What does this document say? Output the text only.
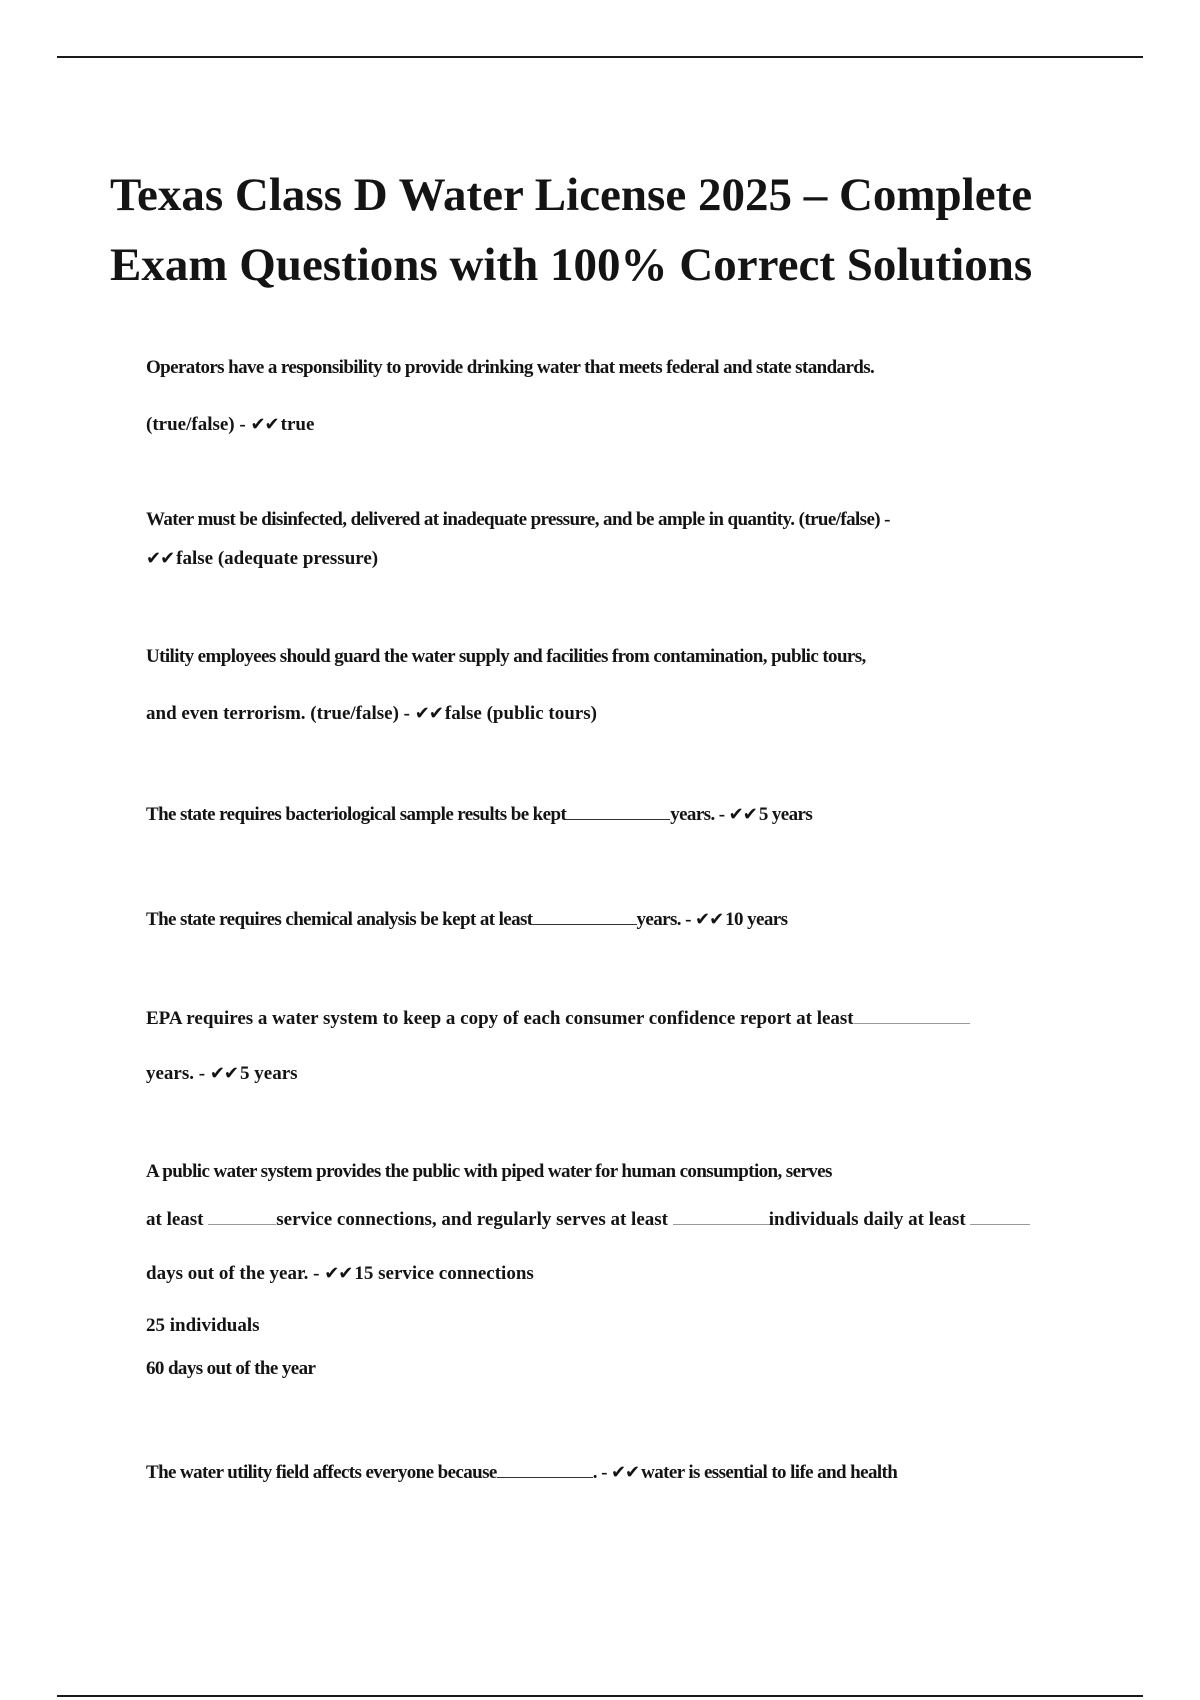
Texas Class D Water License 2025 – Complete
Exam Questions with 100% Correct Solutions

Operators have a responsibility to provide drinking water that meets federal and state standards.

(true/false) - ✔✔ true

Water must be disinfected, delivered at inadequate pressure, and be ample in quantity. (true/false) -

✔✔ false (adequate pressure)

Utility employees should guard the water supply and facilities from contamination, public tours,

and even terrorism. (true/false) - ✔✔ false (public tours)

The state requires bacteriological sample results be kept	years. - ✔✔ 5 years

The state requires chemical analysis be kept at least	years. - ✔✔ 10 years

EPA requires a water system to keep a copy of each consumer confidence report at least

years. - ✔✔ 5 years

A public water system provides the public with piped water for human consumption, serves

at least	service connections, and regularly serves at least	individuals daily at least

days out of the year. - ✔✔ 15 service connections

25 individuals

60 days out of the year

The water utility field affects everyone because	. - ✔✔ water is essential to life and health
